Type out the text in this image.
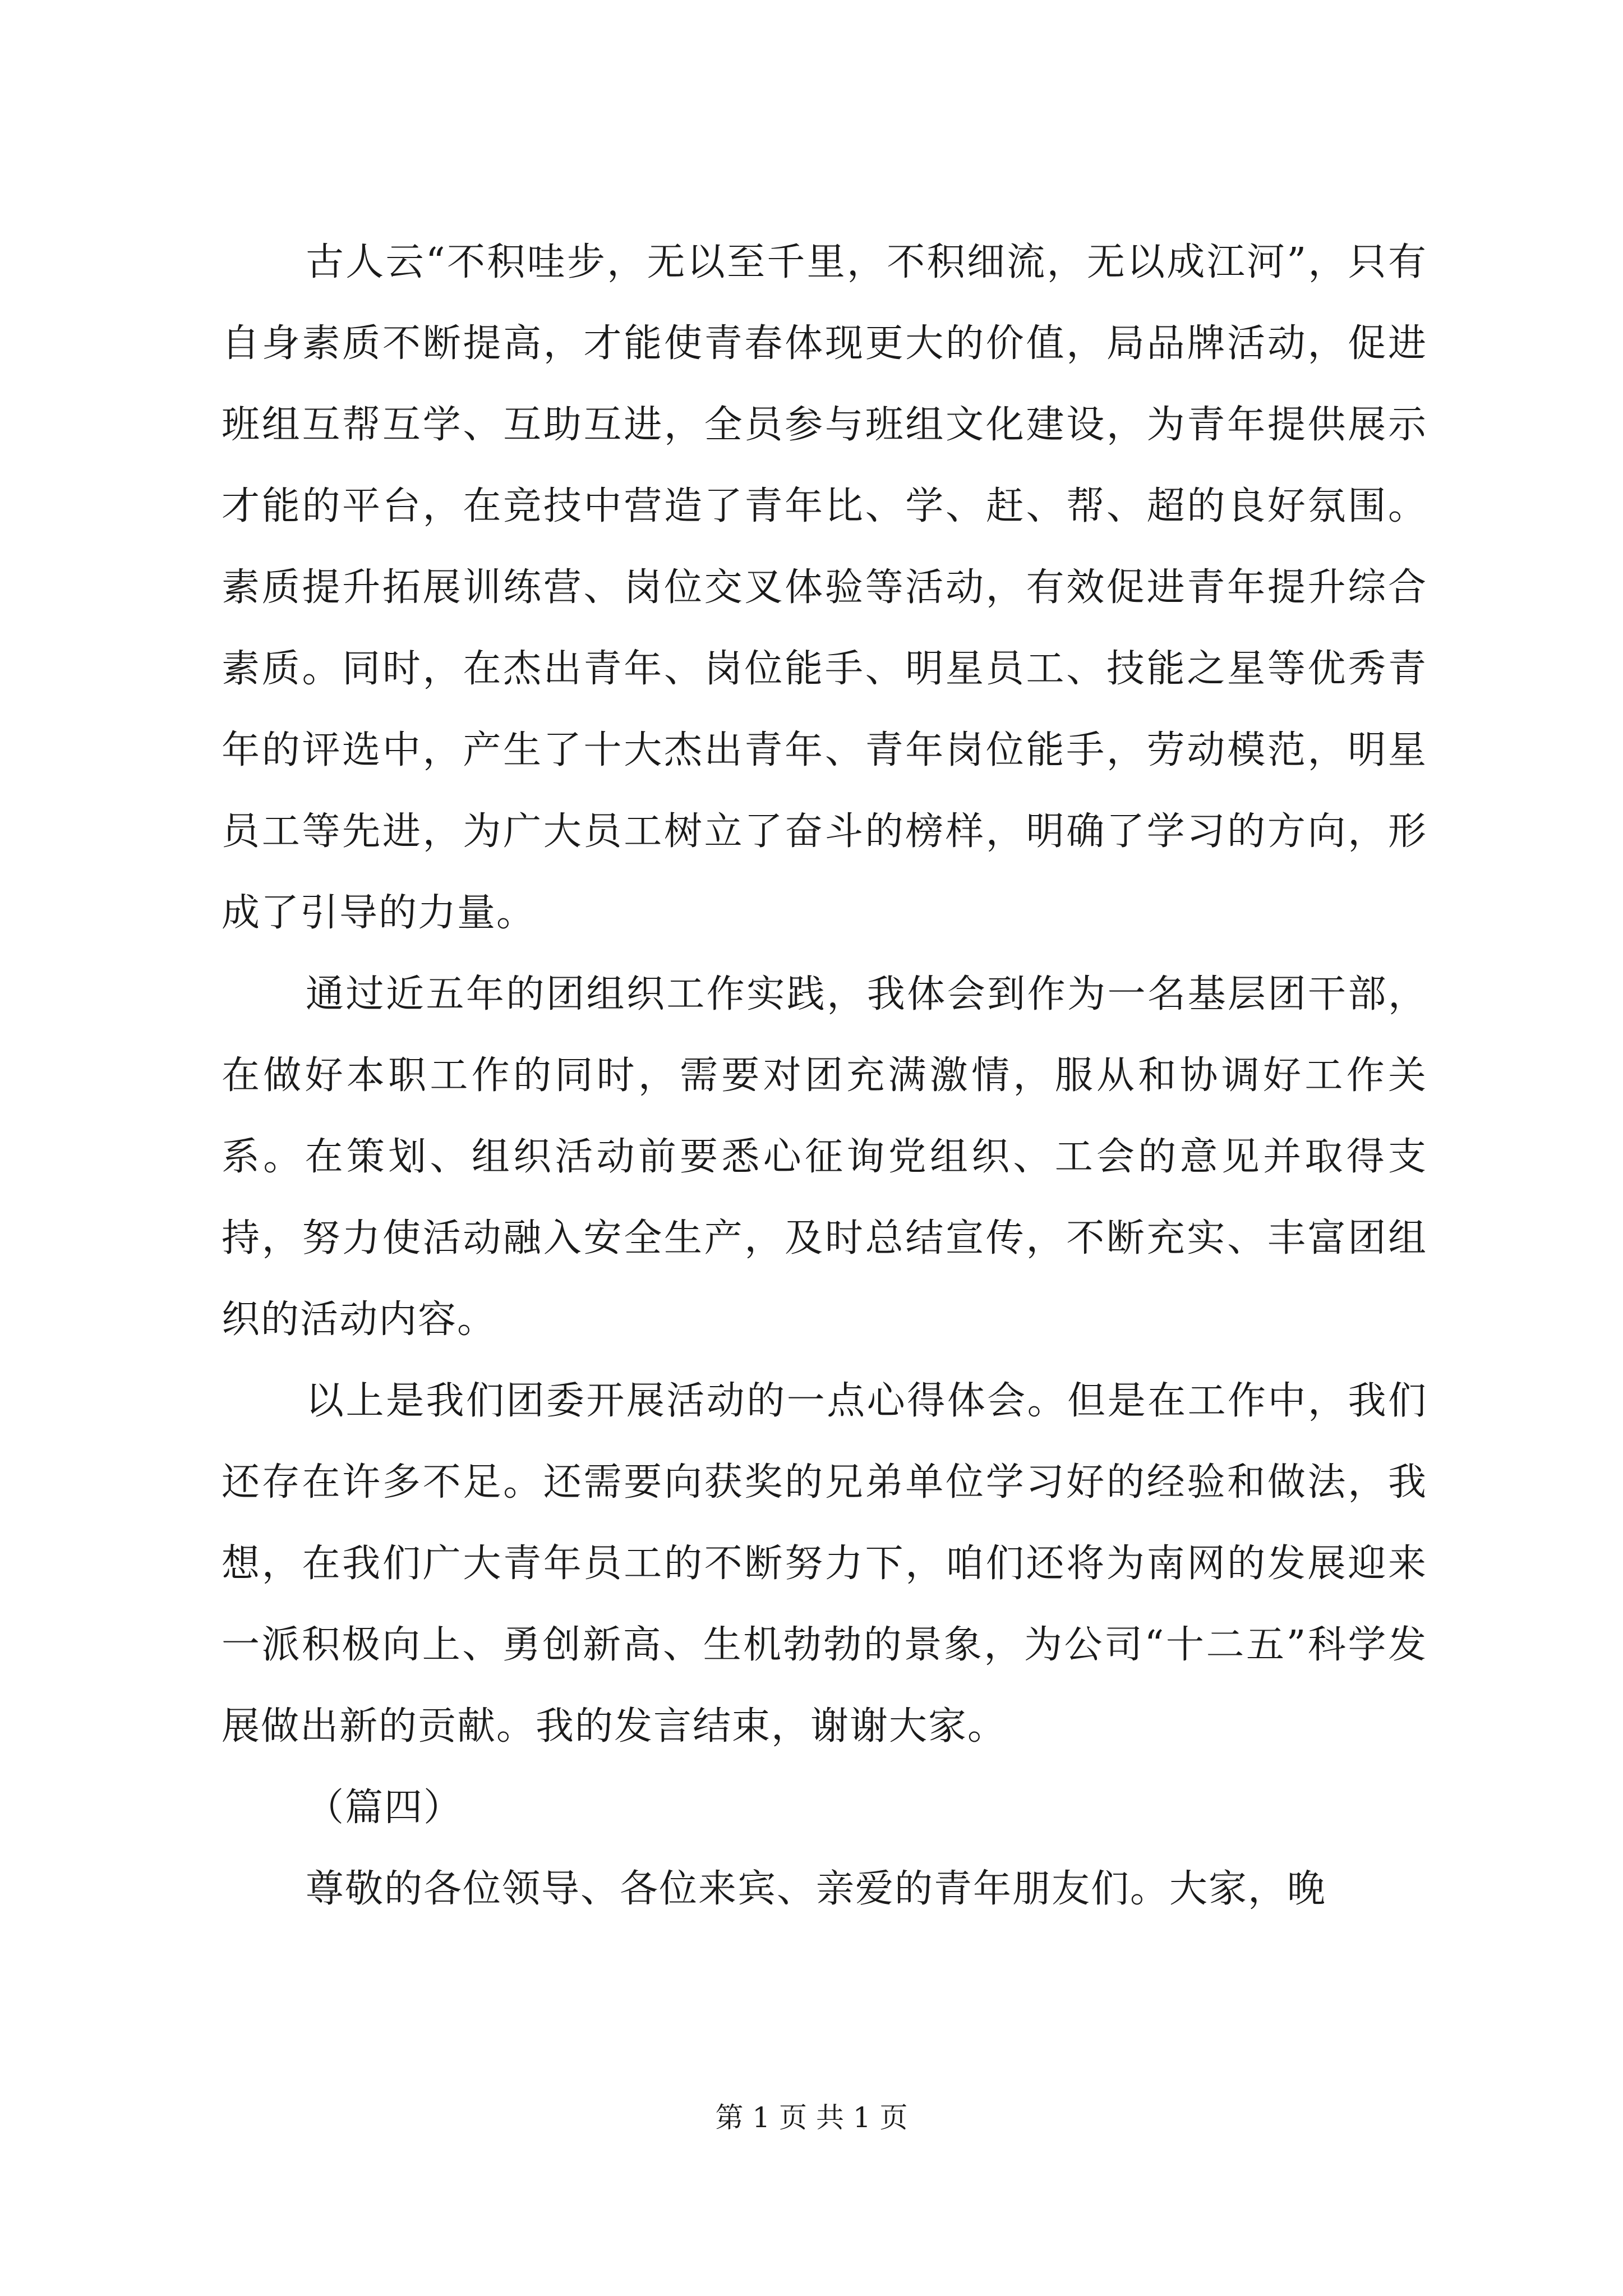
古人云“不积哇步，无以至千里，不积细流，无以成江河”，只有自身素质不断提高，才能使青春体现更大的价值，局品牌活动，促进班组互帮互学、互助互进，全员参与班组文化建设，为青年提供展示才能的平台，在竞技中营造了青年比、学、赶、帮、超的良好氛围。素质提升拓展训练营、岗位交叉体验等活动，有效促进青年提升综合素质。同时，在杰出青年、岗位能手、明星员工、技能之星等优秀青年的评选中，产生了十大杰出青年、青年岗位能手，劳动模范，明星员工等先进，为广大员工树立了奋斗的榜样，明确了学习的方向，形成了引导的力量。

通过近五年的团组织工作实践，我体会到作为一名基层团干部，在做好本职工作的同时，需要对团充满激情，服从和协调好工作关系。在策划、组织活动前要悉心征询党组织、工会的意见并取得支持，努力使活动融入安全生产，及时总结宣传，不断充实、丰富团组织的活动内容。

以上是我们团委开展活动的一点心得体会。但是在工作中，我们还存在许多不足。还需要向获奖的兄弟单位学习好的经验和做法，我想，在我们广大青年员工的不断努力下，咱们还将为南网的发展迎来一派积极向上、勇创新高、生机勃勃的景象，为公司“十二五”科学发展做出新的贡献。我的发言结束，谢谢大家。

（篇四）

尊敬的各位领导、各位来宾、亲爱的青年朋友们。大家，晚

第 1 页 共 1 页
